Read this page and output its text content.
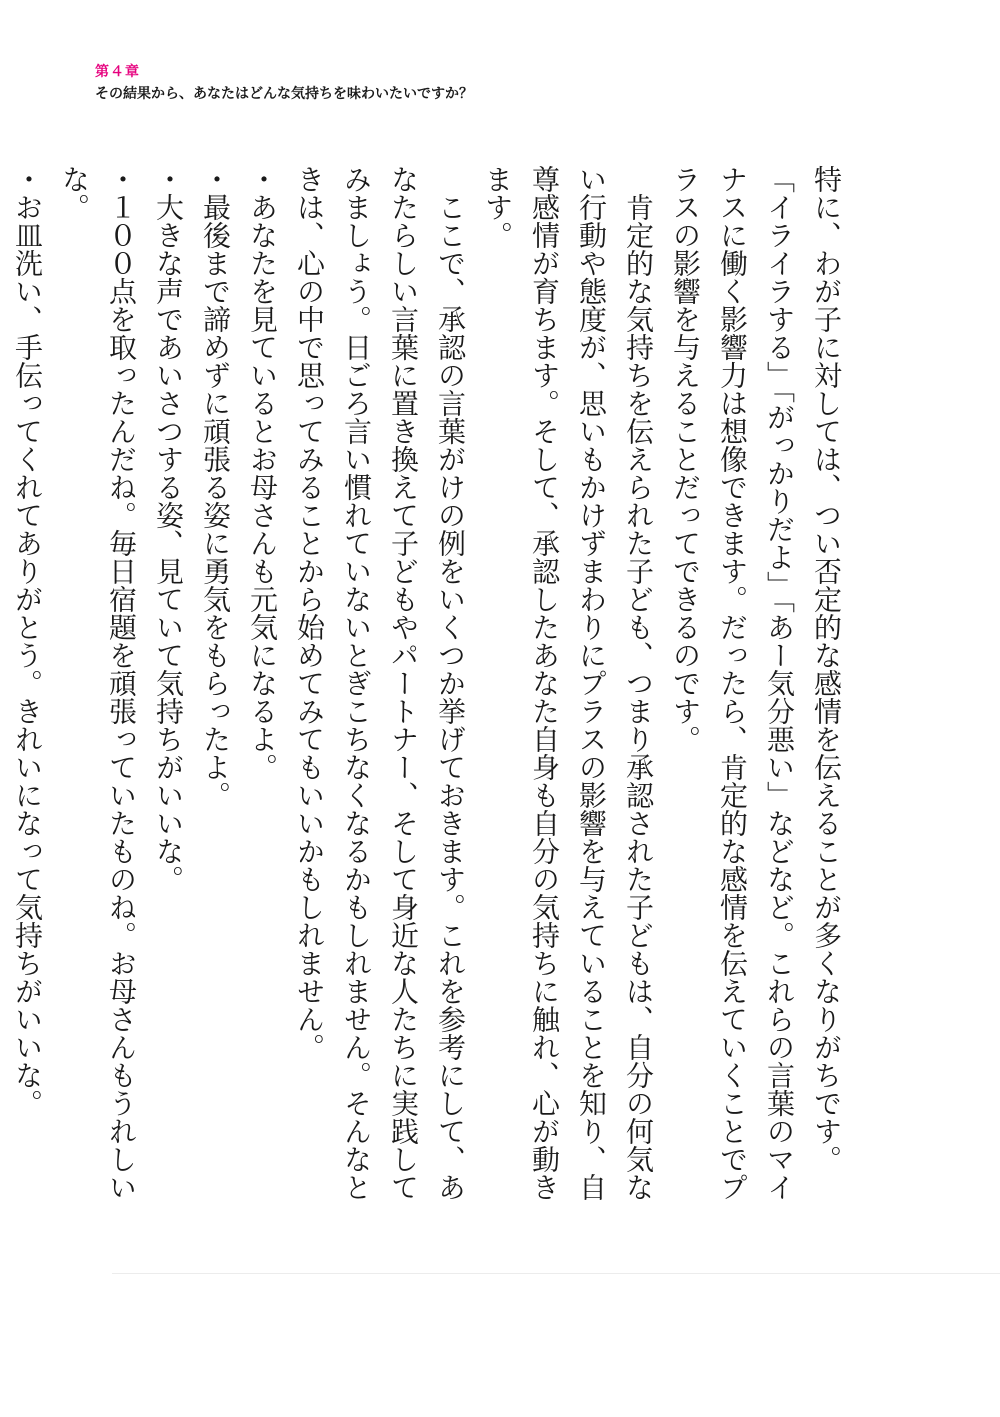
第４章
その結果から、あなたはどんな気持ちを味わいたいですか？

特に、わが子に対しては、つい否定的な感情を伝えることが多くなりがちです。

「イライラする」「がっかりだよ」「あー気分悪い」などなど。これらの言葉のマイナスに働く影響力は想像できます。だったら、肯定的な感情を伝えていくことでプラスの影響を与えることだってできるのです。

肯定的な気持ちを伝えられた子ども、つまり承認された子どもは、自分の何気ない行動や態度が、思いもかけずまわりにプラスの影響を与えていることを知り、自尊感情が育ちます。そして、承認したあなた自身も自分の気持ちに触れ、心が動きます。

ここで、承認の言葉がけの例をいくつか挙げておきます。これを参考にして、あなたらしい言葉に置き換えて子どもやパートナー、そして身近な人たちに実践してみましょう。日ごろ言い慣れていないとぎこちなくなるかもしれません。そんなときは、心の中で思ってみることから始めてみてもいいかもしれません。

・あなたを見ているとお母さんも元気になるよ。

・最後まで諦めずに頑張る姿に勇気をもらったよ。

・大きな声であいさつする姿、見ていて気持ちがいいな。

・１００点を取ったんだね。毎日宿題を頑張っていたものね。お母さんもうれしいな。

・お皿洗い、手伝ってくれてありがとう。きれいになって気持ちがいいな。
